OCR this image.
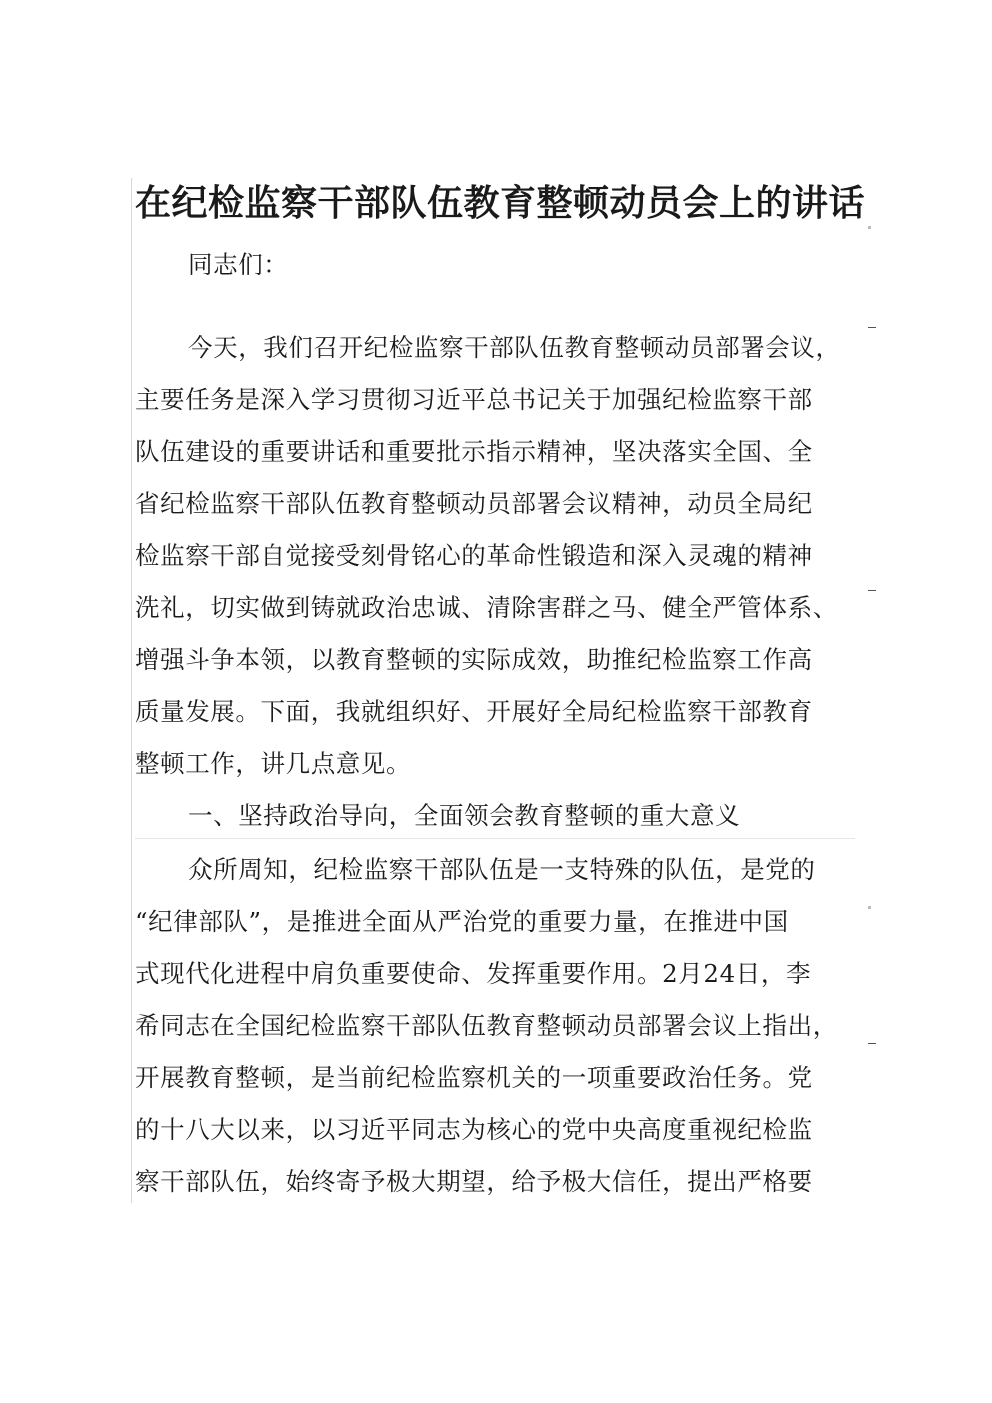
在纪检监察干部队伍教育整顿动员会上的讲话
同志们：
今天，我们召开纪检监察干部队伍教育整顿动员部署会议，
主要任务是深入学习贯彻习近平总书记关于加强纪检监察干部
队伍建设的重要讲话和重要批示指示精神，坚决落实全国、全
省纪检监察干部队伍教育整顿动员部署会议精神，动员全局纪
检监察干部自觉接受刻骨铭心的革命性锻造和深入灵魂的精神
洗礼，切实做到铸就政治忠诚、清除害群之马、健全严管体系、
增强斗争本领，以教育整顿的实际成效，助推纪检监察工作高
质量发展。下面，我就组织好、开展好全局纪检监察干部教育
整顿工作，讲几点意见。
一、坚持政治导向，全面领会教育整顿的重大意义
众所周知，纪检监察干部队伍是一支特殊的队伍，是党的
“纪律部队”，是推进全面从严治党的重要力量，在推进中国
式现代化进程中肩负重要使命、发挥重要作用。2月24日，李
希同志在全国纪检监察干部队伍教育整顿动员部署会议上指出，
开展教育整顿，是当前纪检监察机关的一项重要政治任务。党
的十八大以来，以习近平同志为核心的党中央高度重视纪检监
察干部队伍，始终寄予极大期望，给予极大信任，提出严格要
